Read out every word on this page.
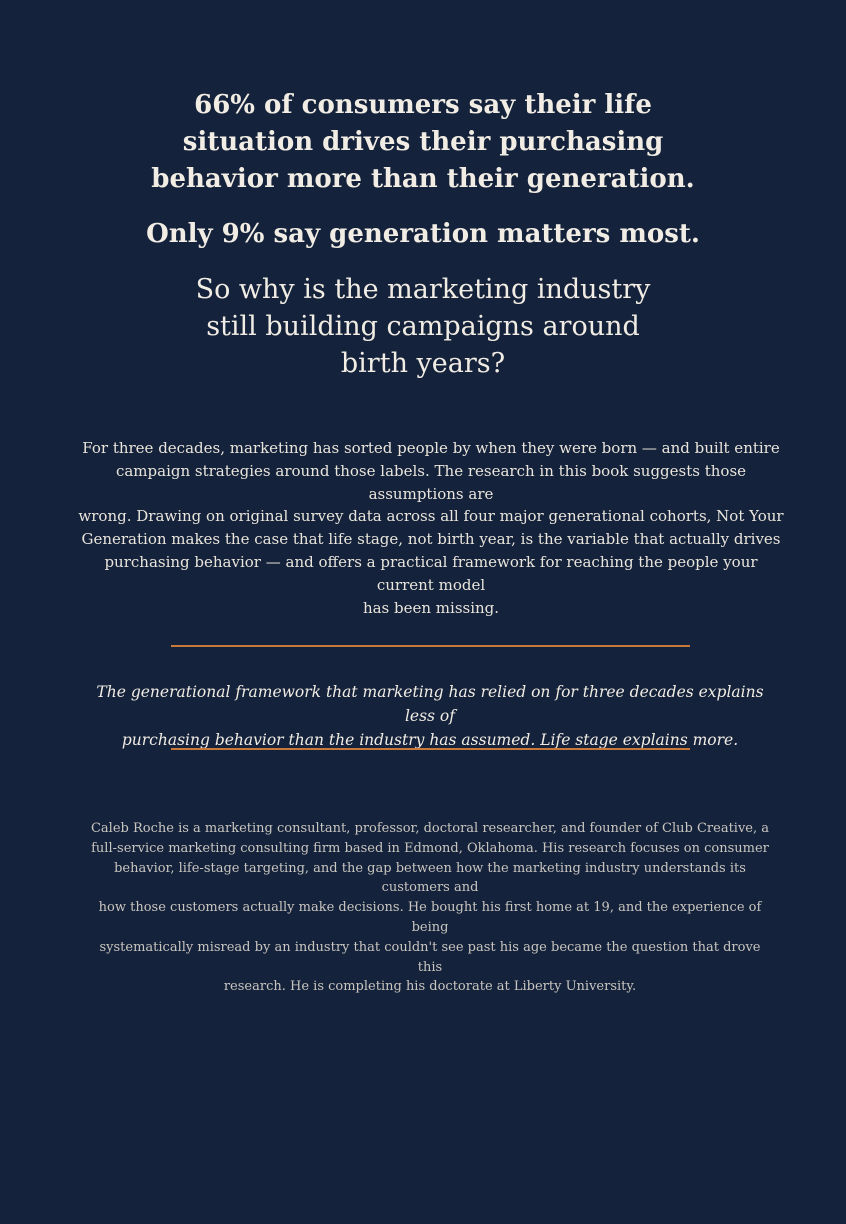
66% of consumers say their life
situation drives their purchasing
behavior more than their generation.
Only 9% say generation matters most.
So why is the marketing industry
still building campaigns around
birth years?
For three decades, marketing has sorted people by when they were born — and built entire
campaign strategies around those labels. The research in this book suggests those assumptions are
wrong. Drawing on original survey data across all four major generational cohorts, Not Your
Generation makes the case that life stage, not birth year, is the variable that actually drives
purchasing behavior — and offers a practical framework for reaching the people your current model
has been missing.
The generational framework that marketing has relied on for three decades explains less of
purchasing behavior than the industry has assumed. Life stage explains more.
Caleb Roche is a marketing consultant, professor, doctoral researcher, and founder of Club Creative, a
full-service marketing consulting firm based in Edmond, Oklahoma. His research focuses on consumer
behavior, life-stage targeting, and the gap between how the marketing industry understands its customers and
how those customers actually make decisions. He bought his first home at 19, and the experience of being
systematically misread by an industry that couldn't see past his age became the question that drove this
research. He is completing his doctorate at Liberty University.
